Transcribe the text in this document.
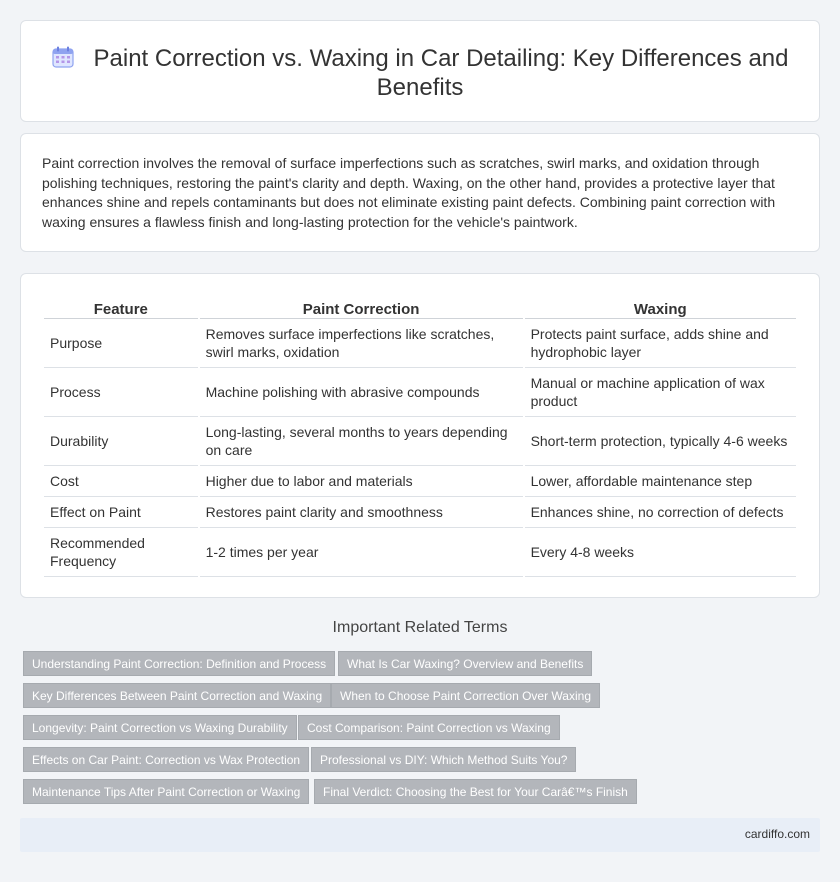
Paint Correction vs. Waxing in Car Detailing: Key Differences and Benefits

Paint correction involves the removal of surface imperfections such as scratches, swirl marks, and oxidation through polishing techniques, restoring the paint's clarity and depth. Waxing, on the other hand, provides a protective layer that enhances shine and repels contaminants but does not eliminate existing paint defects. Combining paint correction with waxing ensures a flawless finish and long-lasting protection for the vehicle's paintwork.

Feature	Paint Correction	Waxing
Purpose	Removes surface imperfections like scratches, swirl marks, oxidation	Protects paint surface, adds shine and hydrophobic layer
Process	Machine polishing with abrasive compounds	Manual or machine application of wax product
Durability	Long-lasting, several months to years depending on care	Short-term protection, typically 4-6 weeks
Cost	Higher due to labor and materials	Lower, affordable maintenance step
Effect on Paint	Restores paint clarity and smoothness	Enhances shine, no correction of defects
Recommended Frequency	1-2 times per year	Every 4-8 weeks
Important Related Terms
Understanding Paint Correction: Definition and Process	What Is Car Waxing? Overview and Benefits
Key Differences Between Paint Correction and Waxing	When to Choose Paint Correction Over Waxing
Longevity: Paint Correction vs Waxing Durability	Cost Comparison: Paint Correction vs Waxing
Effects on Car Paint: Correction vs Wax Protection	Professional vs DIY: Which Method Suits You?
Maintenance Tips After Paint Correction or Waxing	Final Verdict: Choosing the Best for Your Carâ€™s Finish
cardiffo.com
